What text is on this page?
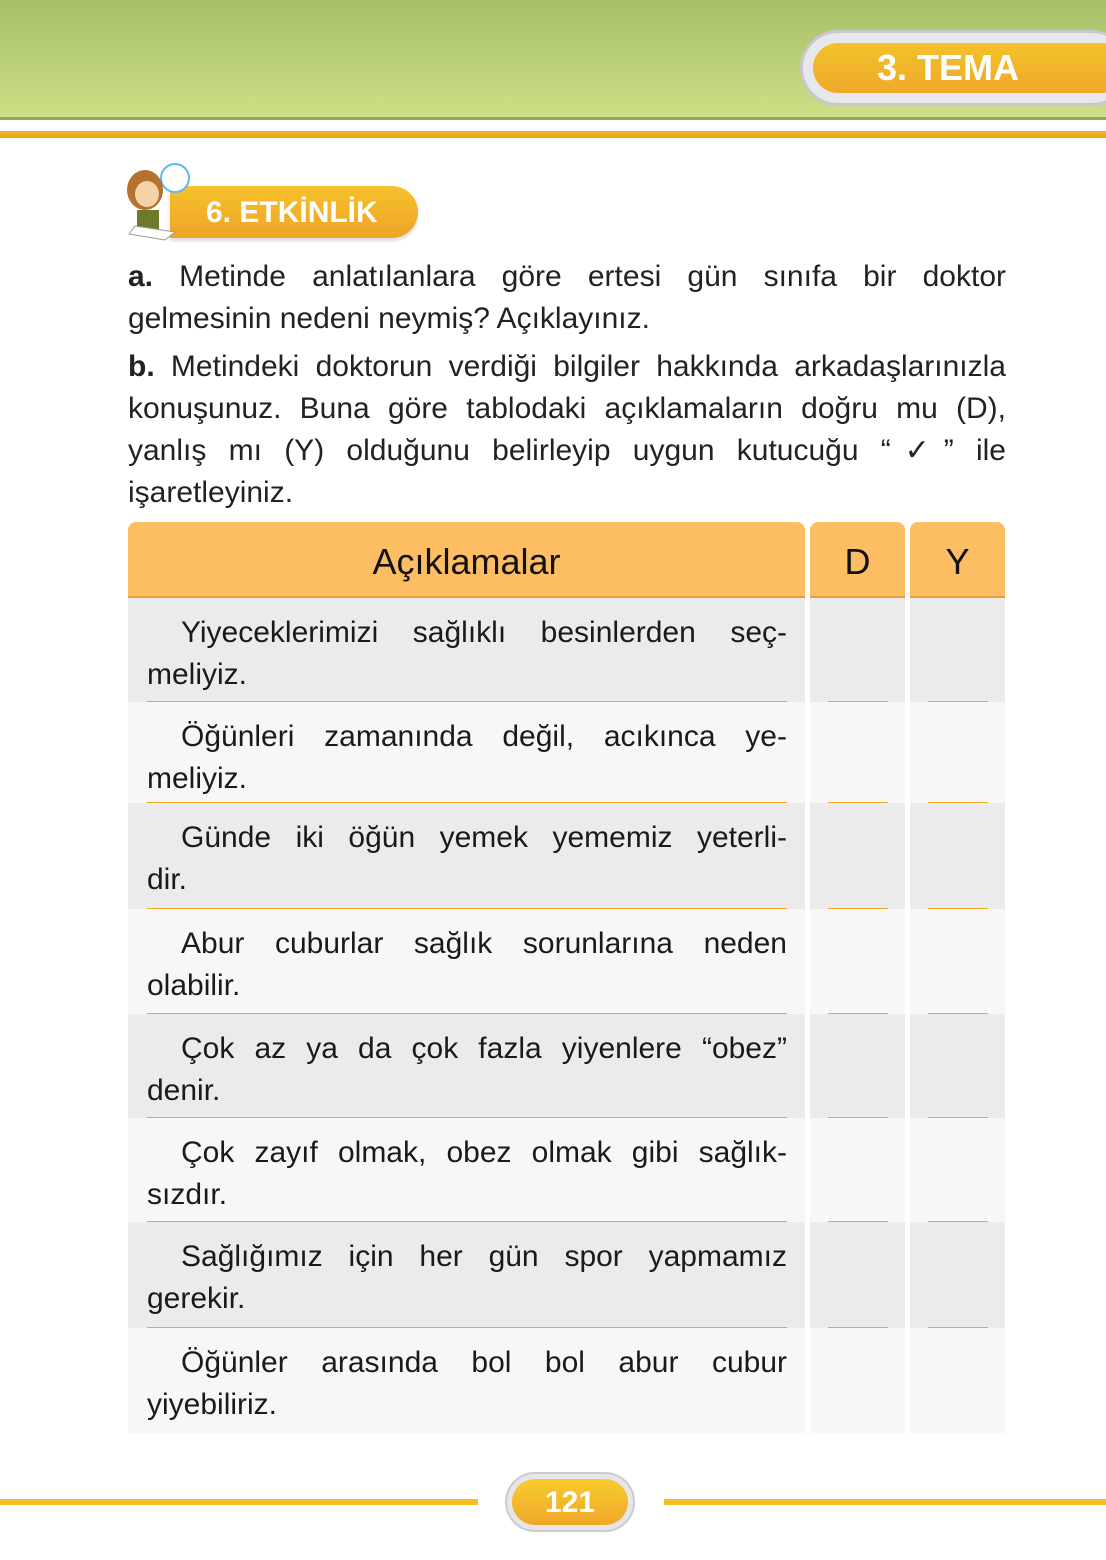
3. TEMA
6. ETKİNLİK
a. Metinde anlatılanlara göre ertesi gün sınıfa bir doktor gelmesinin nedeni neymiş? Açıklayınız.
b. Metindeki doktorun verdiği bilgiler hakkında arkadaşlarınızla konuşunuz. Buna göre tablodaki açıklamaların doğru mu (D), yanlış mı (Y) olduğunu belirleyip uygun kutucuğu “✓” ile işaretleyiniz.
Açıklamalar	D	Y
Yiyeceklerimizi sağlıklı besinlerden seç-
meliyiz.
Öğünleri zamanında değil, acıkınca ye-
meliyiz.
Günde iki öğün yemek yememiz yeterli-
dir.
Abur cuburlar sağlık sorunlarına neden
olabilir.
Çok az ya da çok fazla yiyenlere “obez”
denir.
Çok zayıf olmak, obez olmak gibi sağlık-
sızdır.
Sağlığımız için her gün spor yapmamız
gerekir.
Öğünler arasında bol bol abur cubur
yiyebiliriz.
121
